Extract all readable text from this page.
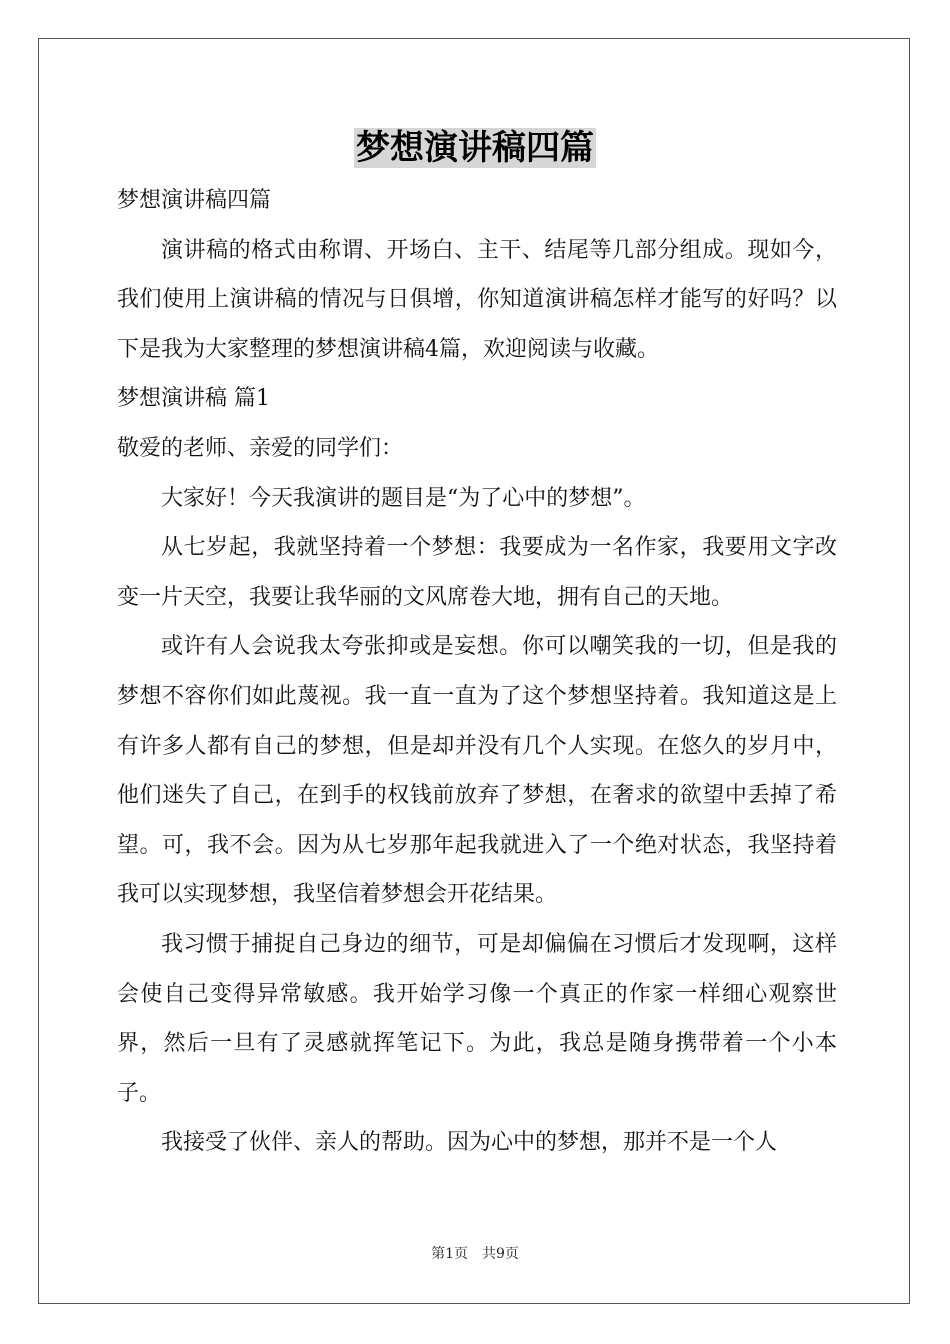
梦想演讲稿四篇

梦想演讲稿四篇

演讲稿的格式由称谓、开场白、主干、结尾等几部分组成。现如今，我们使用上演讲稿的情况与日俱增，你知道演讲稿怎样才能写的好吗？以下是我为大家整理的梦想演讲稿4篇，欢迎阅读与收藏。

梦想演讲稿 篇1

敬爱的老师、亲爱的同学们：

大家好！今天我演讲的题目是“为了心中的梦想”。

从七岁起，我就坚持着一个梦想：我要成为一名作家，我要用文字改变一片天空，我要让我华丽的文风席卷大地，拥有自己的天地。

或许有人会说我太夸张抑或是妄想。你可以嘲笑我的一切，但是我的梦想不容你们如此蔑视。我一直一直为了这个梦想坚持着。我知道这是上有许多人都有自己的梦想，但是却并没有几个人实现。在悠久的岁月中，他们迷失了自己，在到手的权钱前放弃了梦想，在奢求的欲望中丢掉了希望。可，我不会。因为从七岁那年起我就进入了一个绝对状态，我坚持着我可以实现梦想，我坚信着梦想会开花结果。

我习惯于捕捉自己身边的细节，可是却偏偏在习惯后才发现啊，这样会使自己变得异常敏感。我开始学习像一个真正的作家一样细心观察世界，然后一旦有了灵感就挥笔记下。为此，我总是随身携带着一个小本子。

我接受了伙伴、亲人的帮助。因为心中的梦想，那并不是一个人

第1页　共9页
